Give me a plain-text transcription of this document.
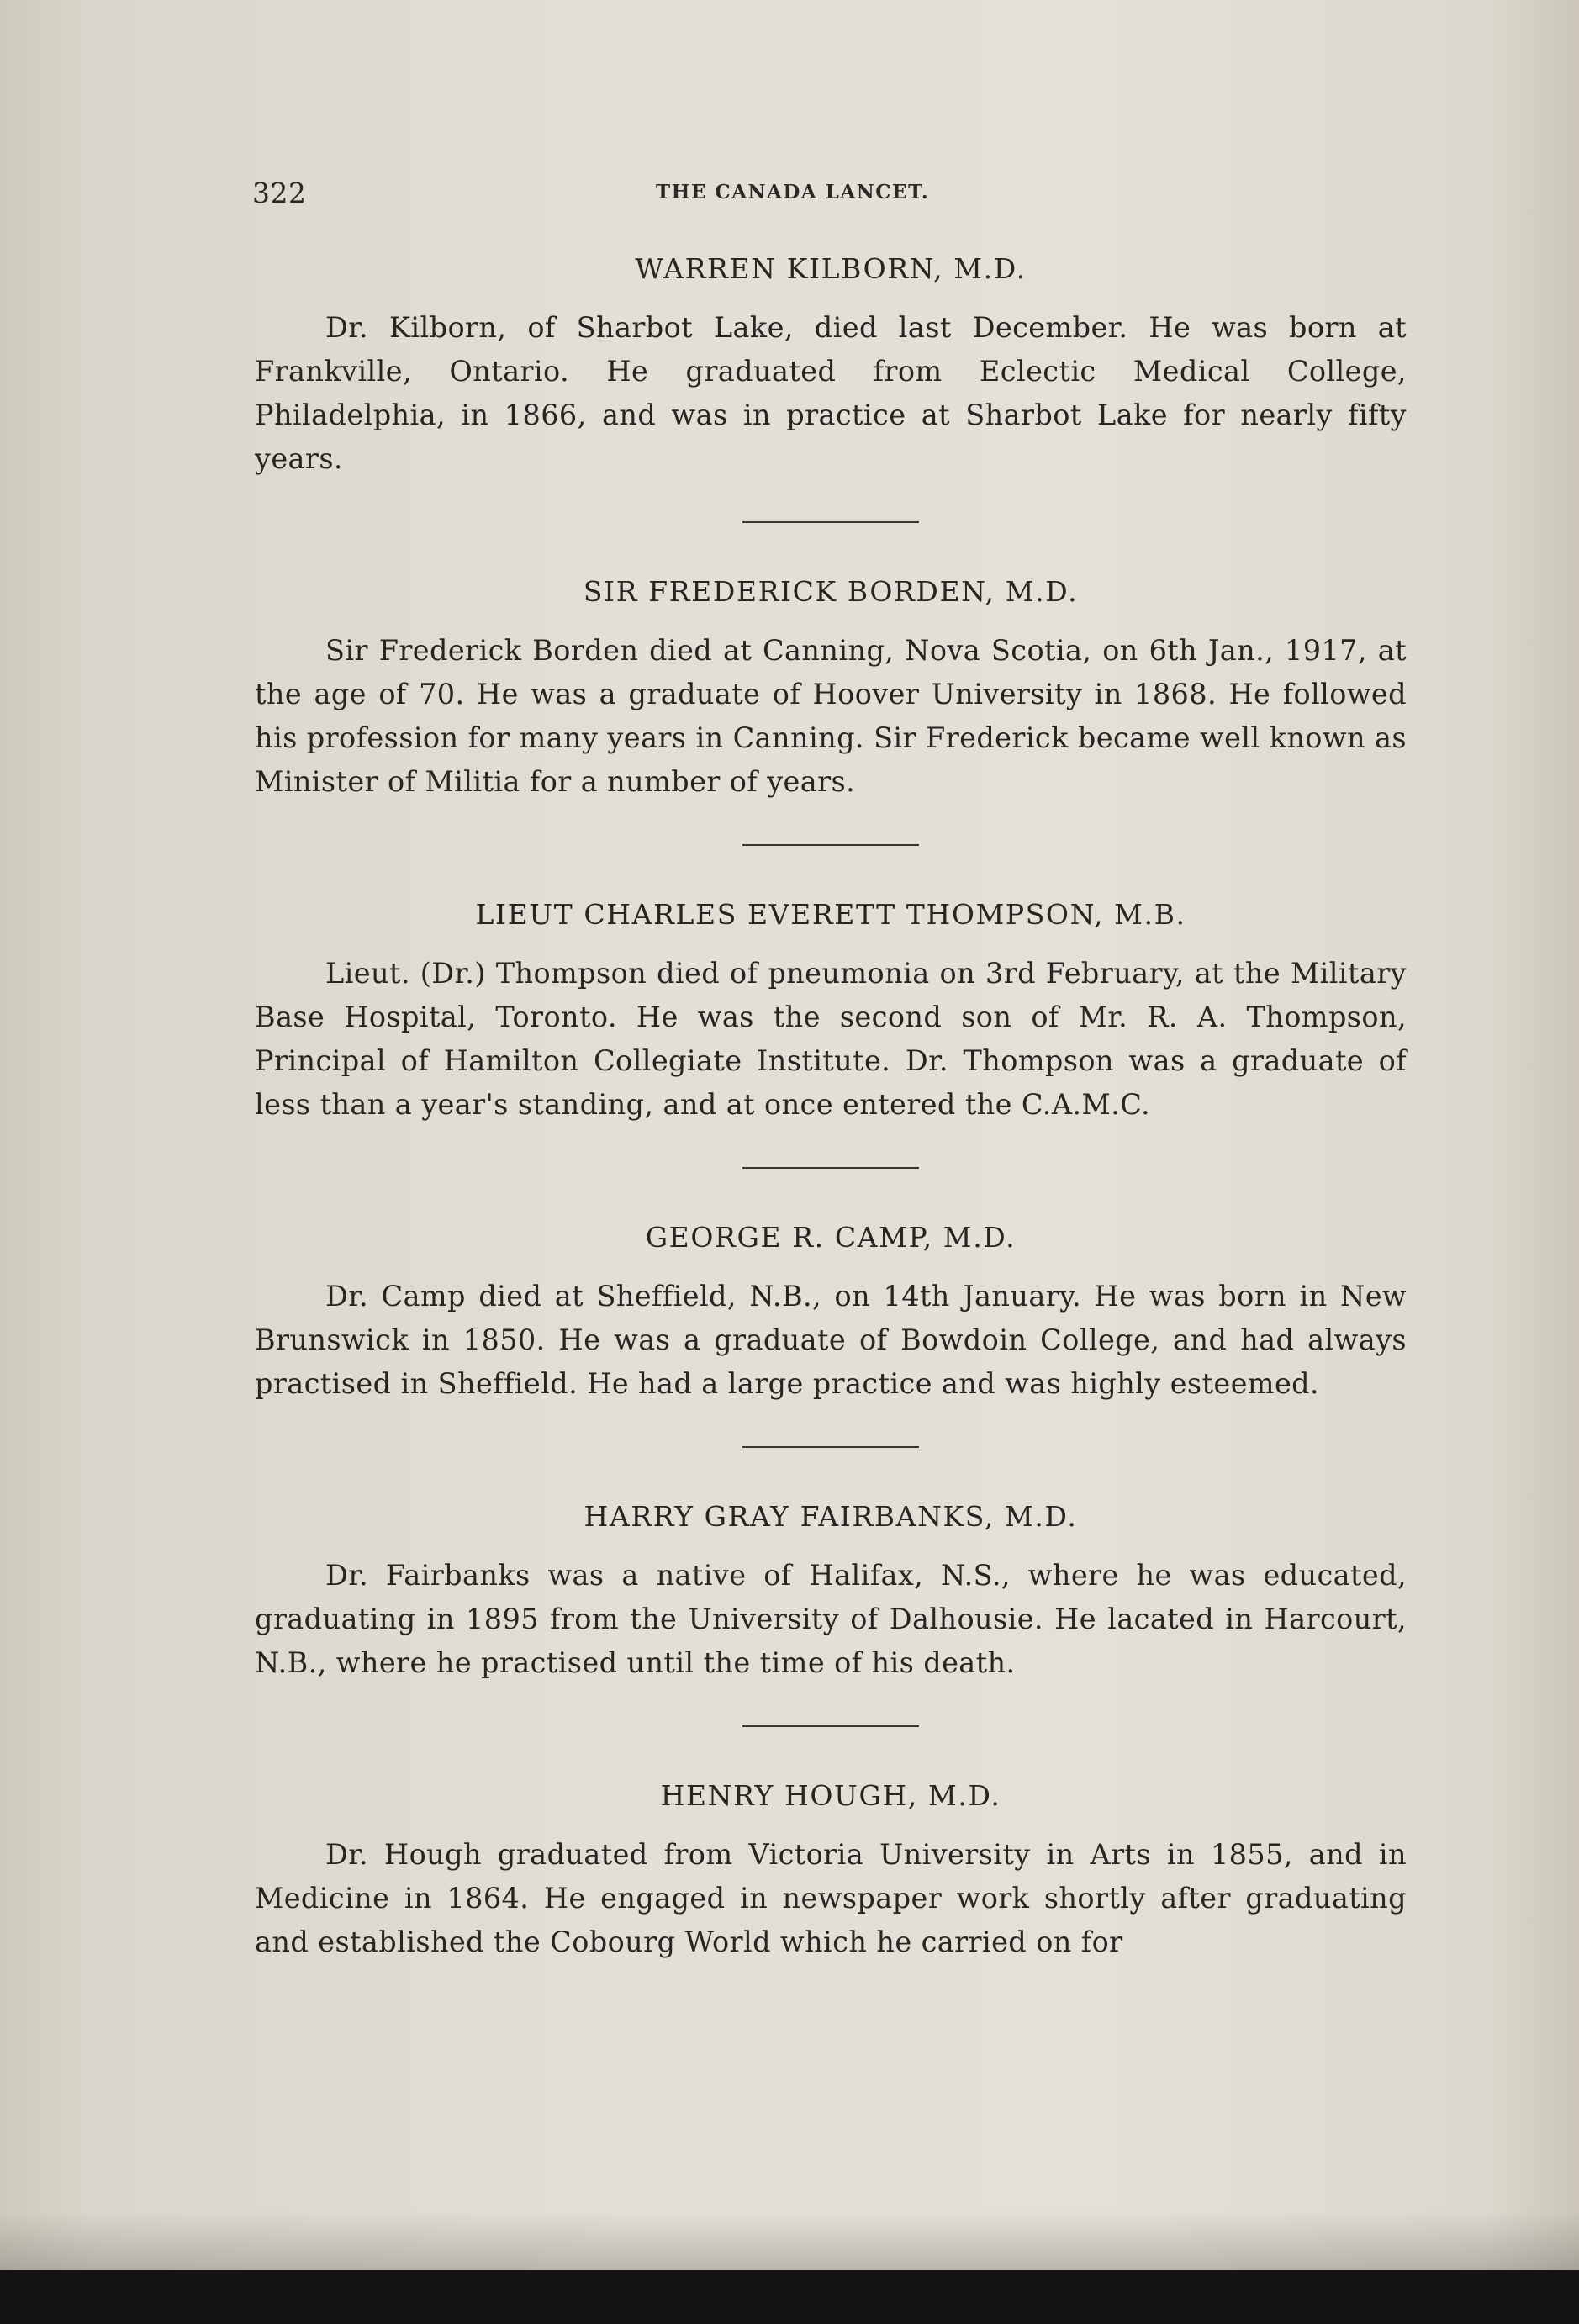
322	THE CANADA LANCET.
WARREN KILBORN, M.D.

Dr. Kilborn, of Sharbot Lake, died last December. He was born at Frankville, Ontario. He graduated from Eclectic Medical College, Philadelphia, in 1866, and was in practice at Sharbot Lake for nearly fifty years.

SIR FREDERICK BORDEN, M.D.

Sir Frederick Borden died at Canning, Nova Scotia, on 6th Jan., 1917, at the age of 70. He was a graduate of Hoover University in 1868. He followed his profession for many years in Canning. Sir Frederick became well known as Minister of Militia for a number of years.

LIEUT CHARLES EVERETT THOMPSON, M.B.

Lieut. (Dr.) Thompson died of pneumonia on 3rd February, at the Military Base Hospital, Toronto. He was the second son of Mr. R. A. Thompson, Principal of Hamilton Collegiate Institute. Dr. Thompson was a graduate of less than a year's standing, and at once entered the C.A.M.C.

GEORGE R. CAMP, M.D.

Dr. Camp died at Sheffield, N.B., on 14th January. He was born in New Brunswick in 1850. He was a graduate of Bowdoin College, and had always practised in Sheffield. He had a large practice and was highly esteemed.

HARRY GRAY FAIRBANKS, M.D.

Dr. Fairbanks was a native of Halifax, N.S., where he was educated, graduating in 1895 from the University of Dalhousie. He lacated in Harcourt, N.B., where he practised until the time of his death.

HENRY HOUGH, M.D.

Dr. Hough graduated from Victoria University in Arts in 1855, and in Medicine in 1864. He engaged in newspaper work shortly after graduating and established the Cobourg World which he carried on for
